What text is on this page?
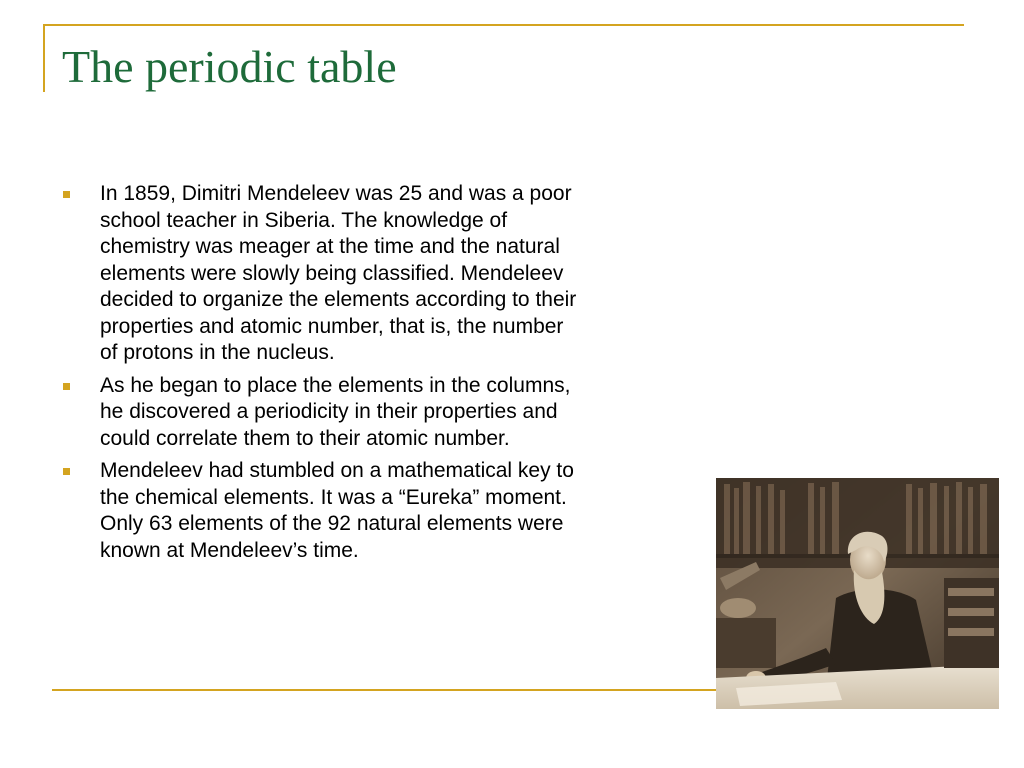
The periodic table
In 1859, Dimitri Mendeleev was 25 and was a poor
school teacher in Siberia. The knowledge of
chemistry was meager at the time and the natural
elements were slowly being classified. Mendeleev
decided to organize the elements according to their
properties and atomic number, that is, the number
of protons in the nucleus.
As he began to place the elements in the columns,
he discovered a periodicity in their properties and
could correlate them to their atomic number.
Mendeleev had stumbled on a mathematical key to
the chemical elements. It was a “Eureka” moment.
Only 63 elements of the 92 natural elements were
known at Mendeleev’s time.
